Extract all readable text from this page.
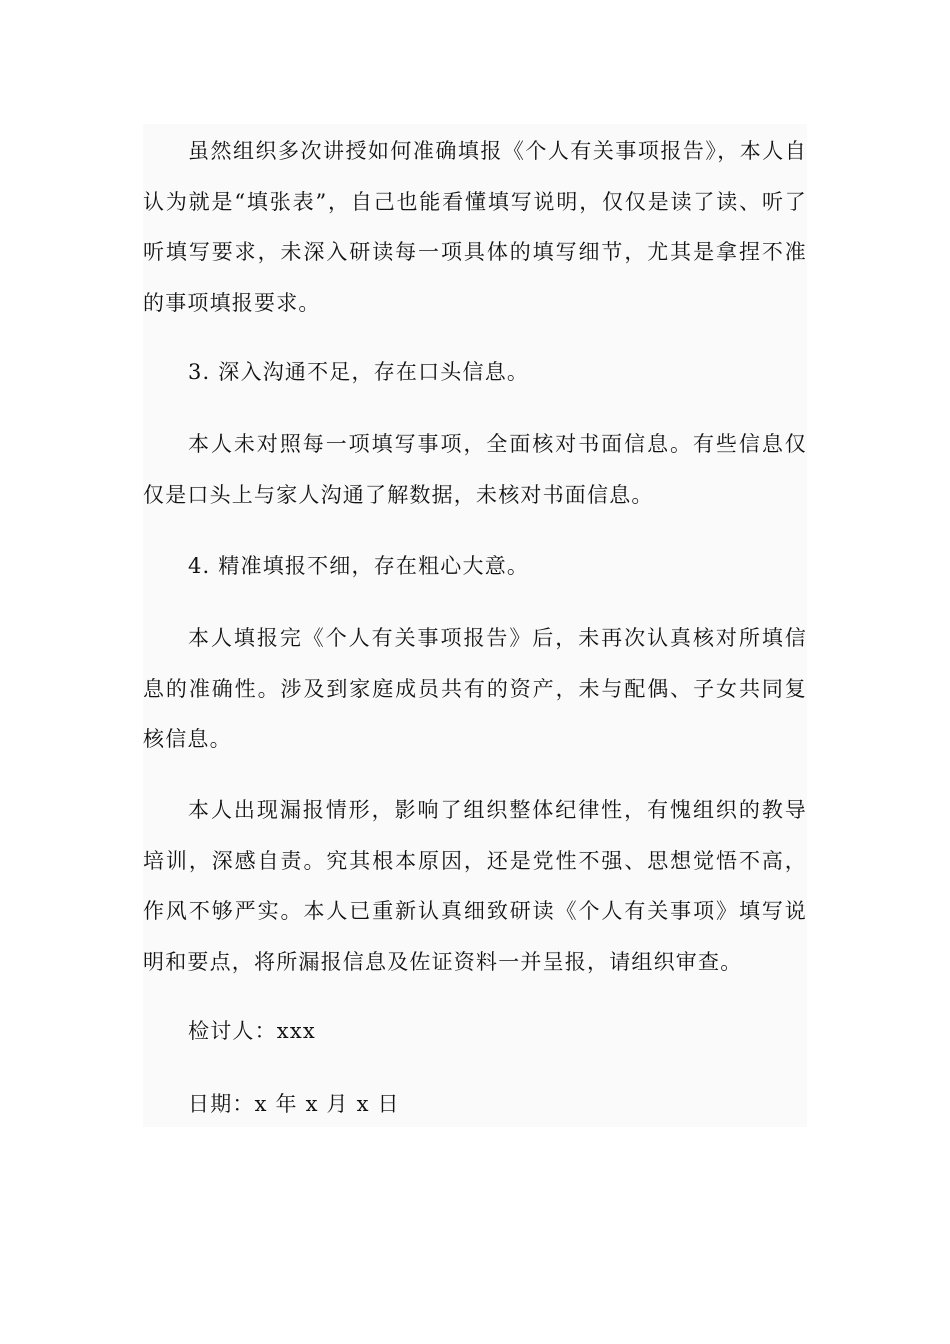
虽然组织多次讲授如何准确填报《个人有关事项报告》，本人自认为就是“填张表”，自己也能看懂填写说明，仅仅是读了读、听了听填写要求，未深入研读每一项具体的填写细节，尤其是拿捏不准的事项填报要求。

3. 深入沟通不足，存在口头信息。

本人未对照每一项填写事项，全面核对书面信息。有些信息仅仅是口头上与家人沟通了解数据，未核对书面信息。

4. 精准填报不细，存在粗心大意。

本人填报完《个人有关事项报告》后，未再次认真核对所填信息的准确性。涉及到家庭成员共有的资产，未与配偶、子女共同复核信息。

本人出现漏报情形，影响了组织整体纪律性，有愧组织的教导培训，深感自责。究其根本原因，还是党性不强、思想觉悟不高，作风不够严实。本人已重新认真细致研读《个人有关事项》填写说明和要点，将所漏报信息及佐证资料一并呈报，请组织审查。

检讨人：xxx

日期：x 年 x 月 x 日
